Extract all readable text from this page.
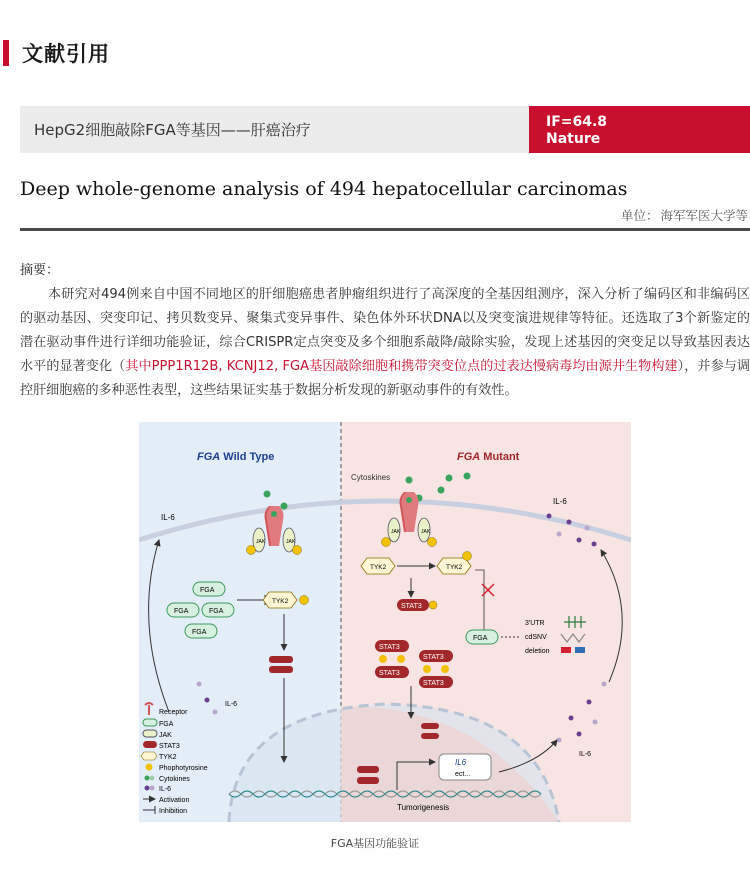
文献引用
HepG2细胞敲除FGA等基因——肝癌治疗	IF=64.8
Nature
Deep whole-genome analysis of 494 hepatocellular carcinomas
单位： 海军军医大学等
摘要：

本研究对494例来自中国不同地区的肝细胞癌患者肿瘤组织进行了高深度的全基因组测序，深入分析了编码区和非编码区的驱动基因、突变印记、拷贝数变异、聚集式变异事件、染色体外环状DNA以及突变演进规律等特征。还选取了3个新鉴定的潜在驱动事件进行详细功能验证，综合CRISPR定点突变及多个细胞系敲降/敲除实验，发现上述基因的突变足以导致基因表达水平的显著变化（其中PPP1R12B, KCNJ12, FGA基因敲除细胞和携带突变位点的过表达慢病毒均由源井生物构建），并参与调控肝细胞癌的多种恶性表型，这些结果证实基于数据分析发现的新驱动事件的有效性。

FGA Wild Type	FGA Mutant
Cytoskines
JAK	JAK
JAK	JAK
IL-6
IL-6
FGA
FGA	FGA
FGA
TYK2
TYK2	TYK2
STAT3
FGA
3'UTR
cdSNV
deletion
STAT3
STAT3
STAT3
STAT3
IL-6
IL6
ect...
Tumorigenesis
Receptor
FGA
JAK
STAT3
TYK2
Phophotyrosine
Cytokines
IL-6
Activation
Inhibition
IL-6
FGA基因功能验证
